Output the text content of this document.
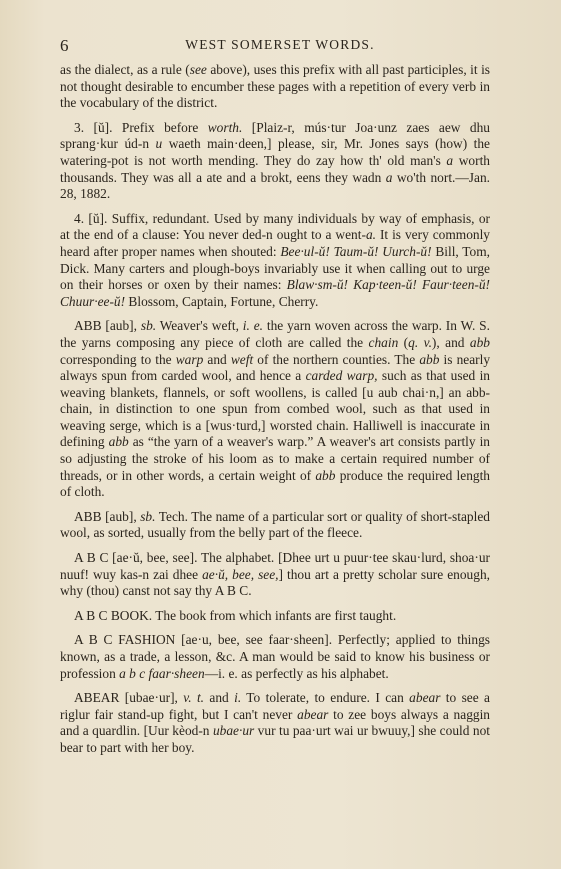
6	WEST SOMERSET WORDS.

as the dialect, as a rule (see above), uses this prefix with all past participles, it is not thought desirable to encumber these pages with a repetition of every verb in the vocabulary of the district.

3. [ŭ]. Prefix before worth. [Plaiz-r, mús·tur Joa·unz zaes aew dhu sprang·kur úd-n u waeth main·deen,] please, sir, Mr. Jones says (how) the watering-pot is not worth mending. They do zay how th' old man's a worth thousands. They was all a ate and a brokt, eens they wadn a wo'th nort.—Jan. 28, 1882.

4. [ŭ]. Suffix, redundant. Used by many individuals by way of emphasis, or at the end of a clause: You never ded-n ought to a went-a. It is very commonly heard after proper names when shouted: Bee·ul-ŭ! Taum-ŭ! Uurch-ŭ! Bill, Tom, Dick. Many carters and plough-boys invariably use it when calling out to urge on their horses or oxen by their names: Blaw·sm-ŭ! Kap·teen-ŭ! Faur·teen-ŭ! Chuur·ee-ŭ! Blossom, Captain, Fortune, Cherry.

ABB [aub], sb. Weaver's weft, i. e. the yarn woven across the warp. In W. S. the yarns composing any piece of cloth are called the chain (q. v.), and abb corresponding to the warp and weft of the northern counties. The abb is nearly always spun from carded wool, and hence a carded warp, such as that used in weaving blankets, flannels, or soft woollens, is called [u aub chai·n,] an abb-chain, in distinction to one spun from combed wool, such as that used in weaving serge, which is a [wus·turd,] worsted chain. Halliwell is inaccurate in defining abb as “the yarn of a weaver's warp.” A weaver's art consists partly in so adjusting the stroke of his loom as to make a certain required number of threads, or in other words, a certain weight of abb produce the required length of cloth.

ABB [aub], sb. Tech. The name of a particular sort or quality of short-stapled wool, as sorted, usually from the belly part of the fleece.

A B C [ae·ŭ, bee, see]. The alphabet. [Dhee urt u puur·tee skau·lurd, shoa·ur nuuf! wuy kas-n zai dhee ae·ŭ, bee, see,] thou art a pretty scholar sure enough, why (thou) canst not say thy A B C.

A B C BOOK. The book from which infants are first taught.

A B C FASHION [ae·u, bee, see faar·sheen]. Perfectly; applied to things known, as a trade, a lesson, &c. A man would be said to know his business or profession a b c faar·sheen—i. e. as perfectly as his alphabet.

ABEAR [ubae·ur], v. t. and i. To tolerate, to endure. I can abear to see a riglur fair stand-up fight, but I can't never abear to zee boys always a naggin and a quardlin. [Uur kèod-n ubae·ur vur tu paa·urt wai ur bwuuy,] she could not bear to part with her boy.
